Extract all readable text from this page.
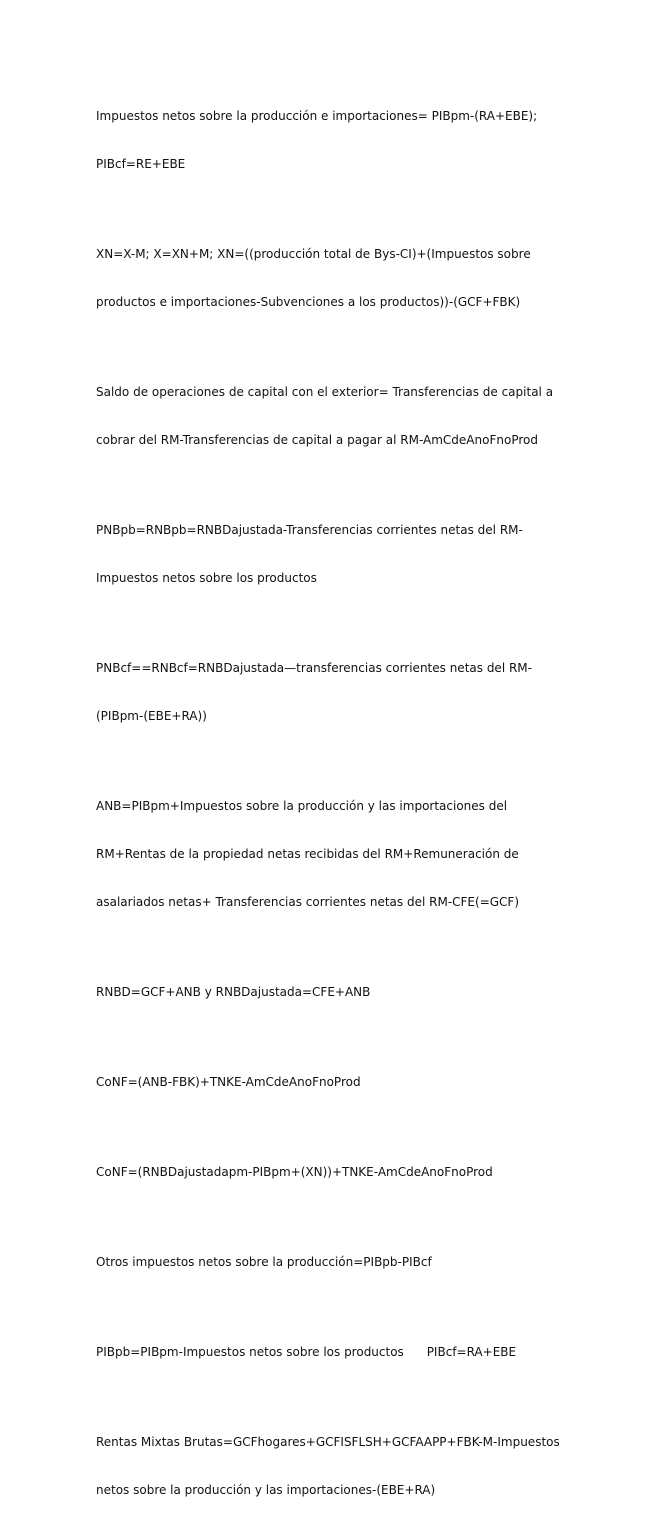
Impuestos netos sobre la producción e importaciones= PIBpm-(RA+EBE);

PIBcf=RE+EBE

XN=X-M; X=XN+M; XN=((producción total de Bys-CI)+(Impuestos sobre

productos e importaciones-Subvenciones a los productos))-(GCF+FBK)

Saldo de operaciones de capital con el exterior= Transferencias de capital a

cobrar del RM-Transferencias de capital a pagar al RM-AmCdeAnoFnoProd

PNBpb=RNBpb=RNBDajustada-Transferencias corrientes netas del RM-

Impuestos netos sobre los productos

PNBcf==RNBcf=RNBDajustada—transferencias corrientes netas del RM-

(PIBpm-(EBE+RA))

ANB=PIBpm+Impuestos sobre la producción y las importaciones del

RM+Rentas de la propiedad netas recibidas del RM+Remuneración de

asalariados netas+ Transferencias corrientes netas del RM-CFE(=GCF)

RNBD=GCF+ANB y RNBDajustada=CFE+ANB

CoNF=(ANB-FBK)+TNKE-AmCdeAnoFnoProd

CoNF=(RNBDajustadapm-PIBpm+(XN))+TNKE-AmCdeAnoFnoProd

Otros impuestos netos sobre la producción=PIBpb-PIBcf

PIBpb=PIBpm-Impuestos netos sobre los productos      PIBcf=RA+EBE

Rentas Mixtas Brutas=GCFhogares+GCFISFLSH+GCFAAPP+FBK-M-Impuestos

netos sobre la producción y las importaciones-(EBE+RA)
